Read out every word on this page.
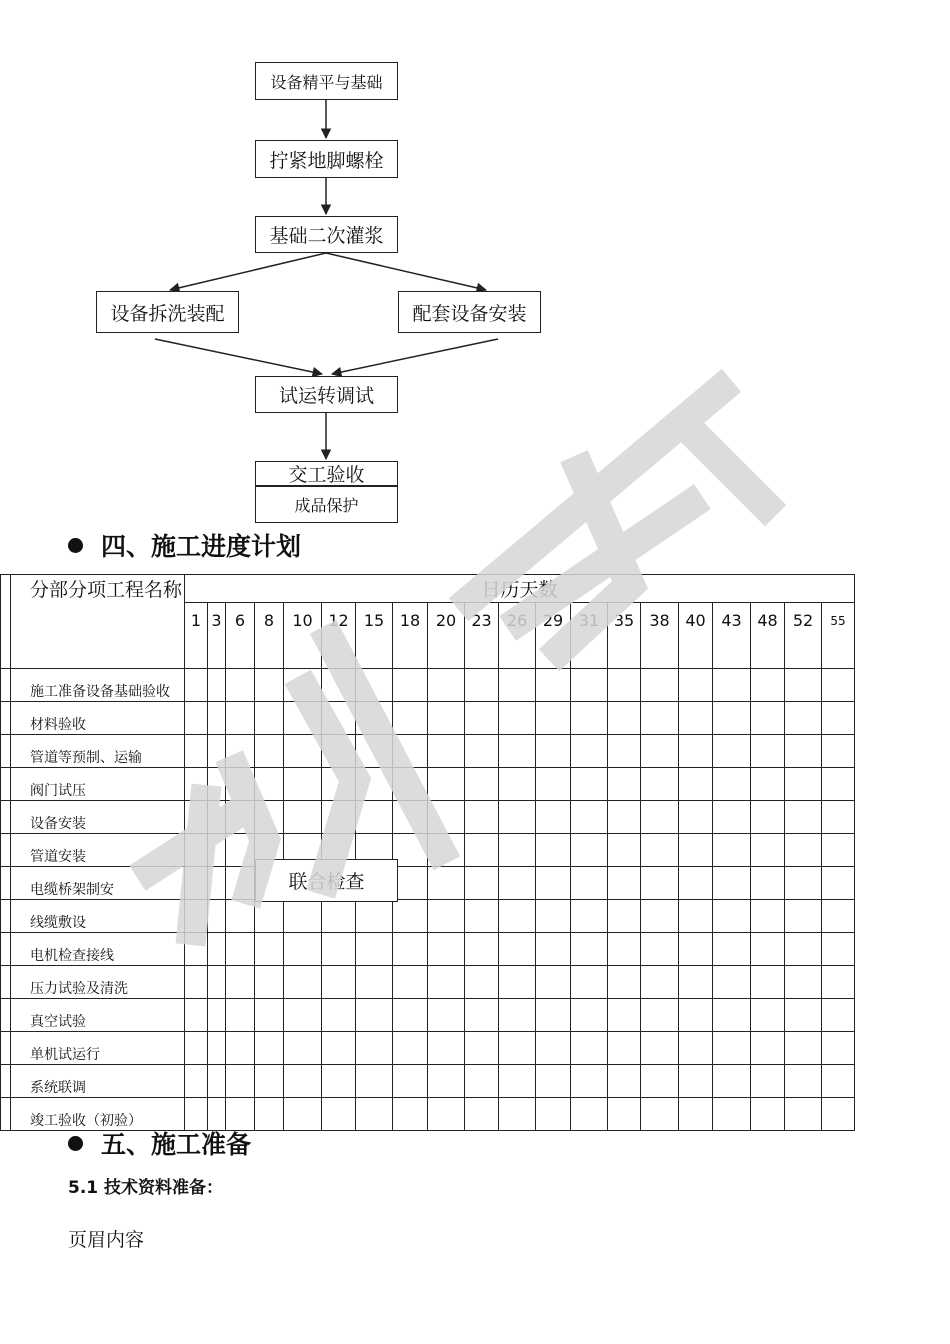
设备精平与基础
拧紧地脚螺栓
基础二次灌浆
设备拆洗装配	配套设备安装
试运转调试
交工验收
成品保护
四、施工进度计划
	分部分项工程名称	日历天数																			
		1	3	6	8	10	12	15	18	20	23	26	29	31	35	38	40	43	48	52	55
	施工准备设备基础验收																				
	材料验收																				
	管道等预制、运输																				
	阀门试压																				
	设备安装																				
	管道安装																				
	电缆桥架制安																				
	线缆敷设																				
	电机检查接线																				
	压力试验及清洗																				
	真空试验																				
	单机试运行																				
	系统联调																				
	竣工验收（初验）																				
联合检查
五、施工准备
5.1 技术资料准备：
页眉内容
